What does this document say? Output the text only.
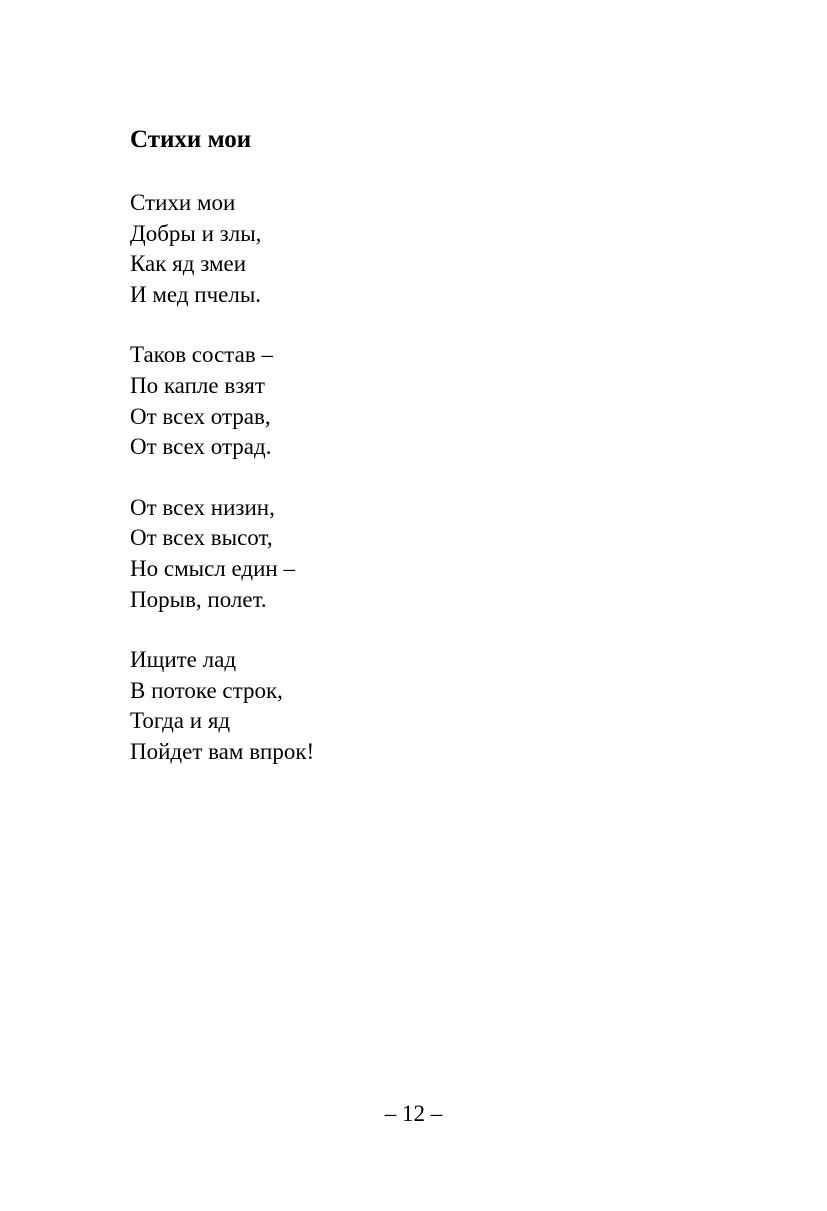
Стихи мои
Стихи мои
Добры и злы,
Как яд змеи
И мед пчелы.
Таков состав –
По капле взят
От всех отрав,
От всех отрад.
От всех низин,
От всех высот,
Но смысл един –
Порыв, полет.
Ищите лад
В потоке строк,
Тогда и яд
Пойдет вам впрок!
– 12 –
